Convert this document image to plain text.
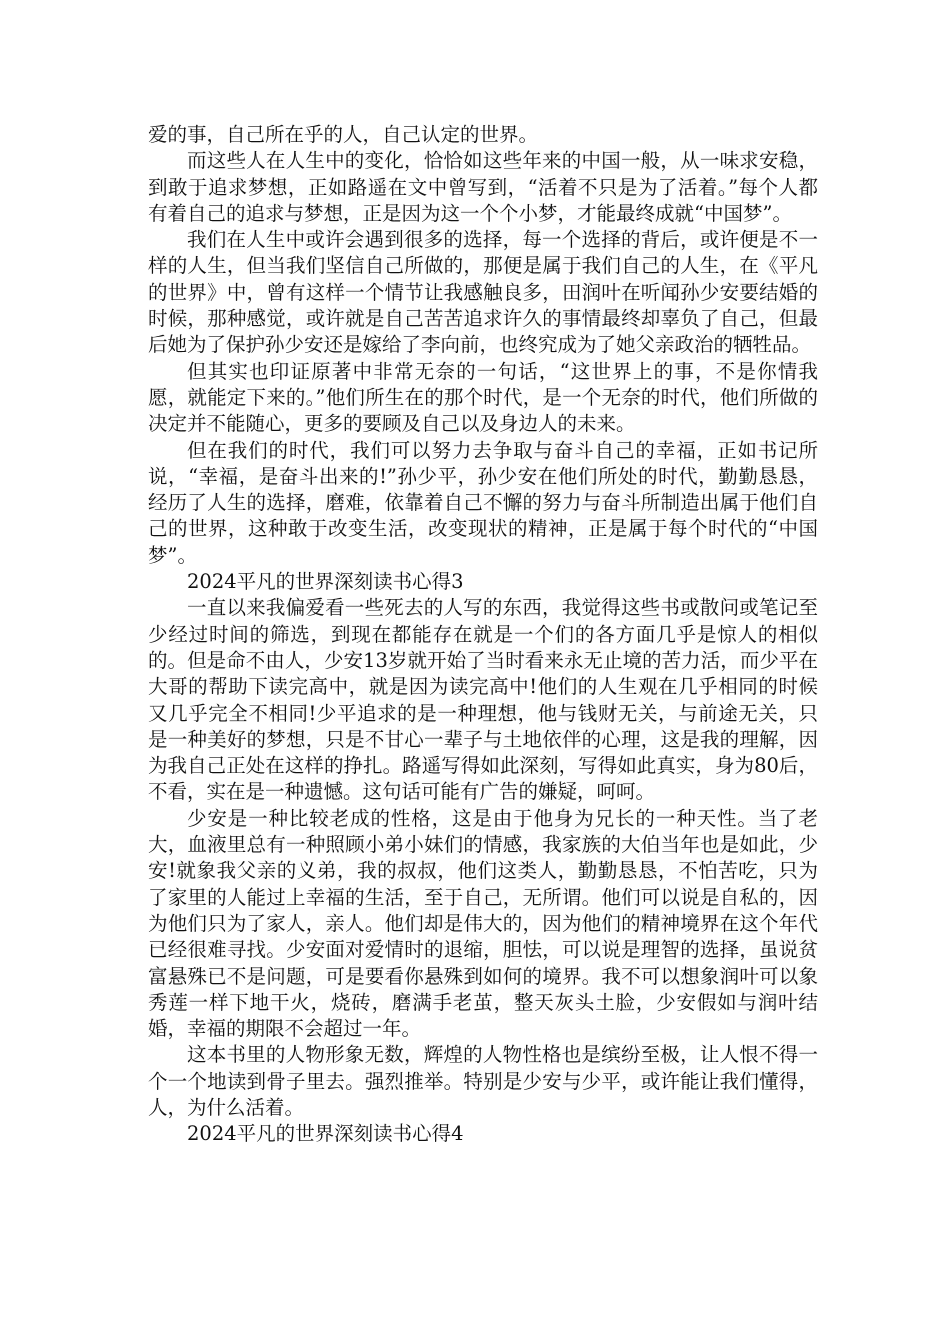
爱的事，自己所在乎的人，自己认定的世界。

而这些人在人生中的变化，恰恰如这些年来的中国一般，从一味求安稳，到敢于追求梦想，正如路遥在文中曾写到，“活着不只是为了活着。”每个人都有着自己的追求与梦想，正是因为这一个个小梦，才能最终成就“中国梦”。

我们在人生中或许会遇到很多的选择，每一个选择的背后，或许便是不一样的人生，但当我们坚信自己所做的，那便是属于我们自己的人生，在《平凡的世界》中，曾有这样一个情节让我感触良多，田润叶在听闻孙少安要结婚的时候，那种感觉，或许就是自己苦苦追求许久的事情最终却辜负了自己，但最后她为了保护孙少安还是嫁给了李向前，也终究成为了她父亲政治的牺牲品。

但其实也印证原著中非常无奈的一句话，“这世界上的事，不是你情我愿，就能定下来的。”他们所生在的那个时代，是一个无奈的时代，他们所做的决定并不能随心，更多的要顾及自己以及身边人的未来。

但在我们的时代，我们可以努力去争取与奋斗自己的幸福，正如书记所说，“幸福，是奋斗出来的!”孙少平，孙少安在他们所处的时代，勤勤恳恳，经历了人生的选择，磨难，依靠着自己不懈的努力与奋斗所制造出属于他们自己的世界，这种敢于改变生活，改变现状的精神，正是属于每个时代的“中国梦”。

2024平凡的世界深刻读书心得3

一直以来我偏爱看一些死去的人写的东西，我觉得这些书或散问或笔记至少经过时间的筛选，到现在都能存在就是一个们的各方面几乎是惊人的相似的。但是命不由人，少安13岁就开始了当时看来永无止境的苦力活，而少平在大哥的帮助下读完高中，就是因为读完高中!他们的人生观在几乎相同的时候又几乎完全不相同!少平追求的是一种理想，他与钱财无关，与前途无关，只是一种美好的梦想，只是不甘心一辈子与土地依伴的心理，这是我的理解，因为我自己正处在这样的挣扎。路遥写得如此深刻，写得如此真实，身为80后，不看，实在是一种遗憾。这句话可能有广告的嫌疑，呵呵。

少安是一种比较老成的性格，这是由于他身为兄长的一种天性。当了老大，血液里总有一种照顾小弟小妹们的情感，我家族的大伯当年也是如此，少安!就象我父亲的义弟，我的叔叔，他们这类人，勤勤恳恳，不怕苦吃，只为了家里的人能过上幸福的生活，至于自己，无所谓。他们可以说是自私的，因为他们只为了家人，亲人。他们却是伟大的，因为他们的精神境界在这个年代已经很难寻找。少安面对爱情时的退缩，胆怯，可以说是理智的选择，虽说贫富悬殊已不是问题，可是要看你悬殊到如何的境界。我不可以想象润叶可以象秀莲一样下地干火，烧砖，磨满手老茧，整天灰头土脸，少安假如与润叶结婚，幸福的期限不会超过一年。

这本书里的人物形象无数，辉煌的人物性格也是缤纷至极，让人恨不得一个一个地读到骨子里去。强烈推举。特别是少安与少平，或许能让我们懂得，人，为什么活着。

2024平凡的世界深刻读书心得4
